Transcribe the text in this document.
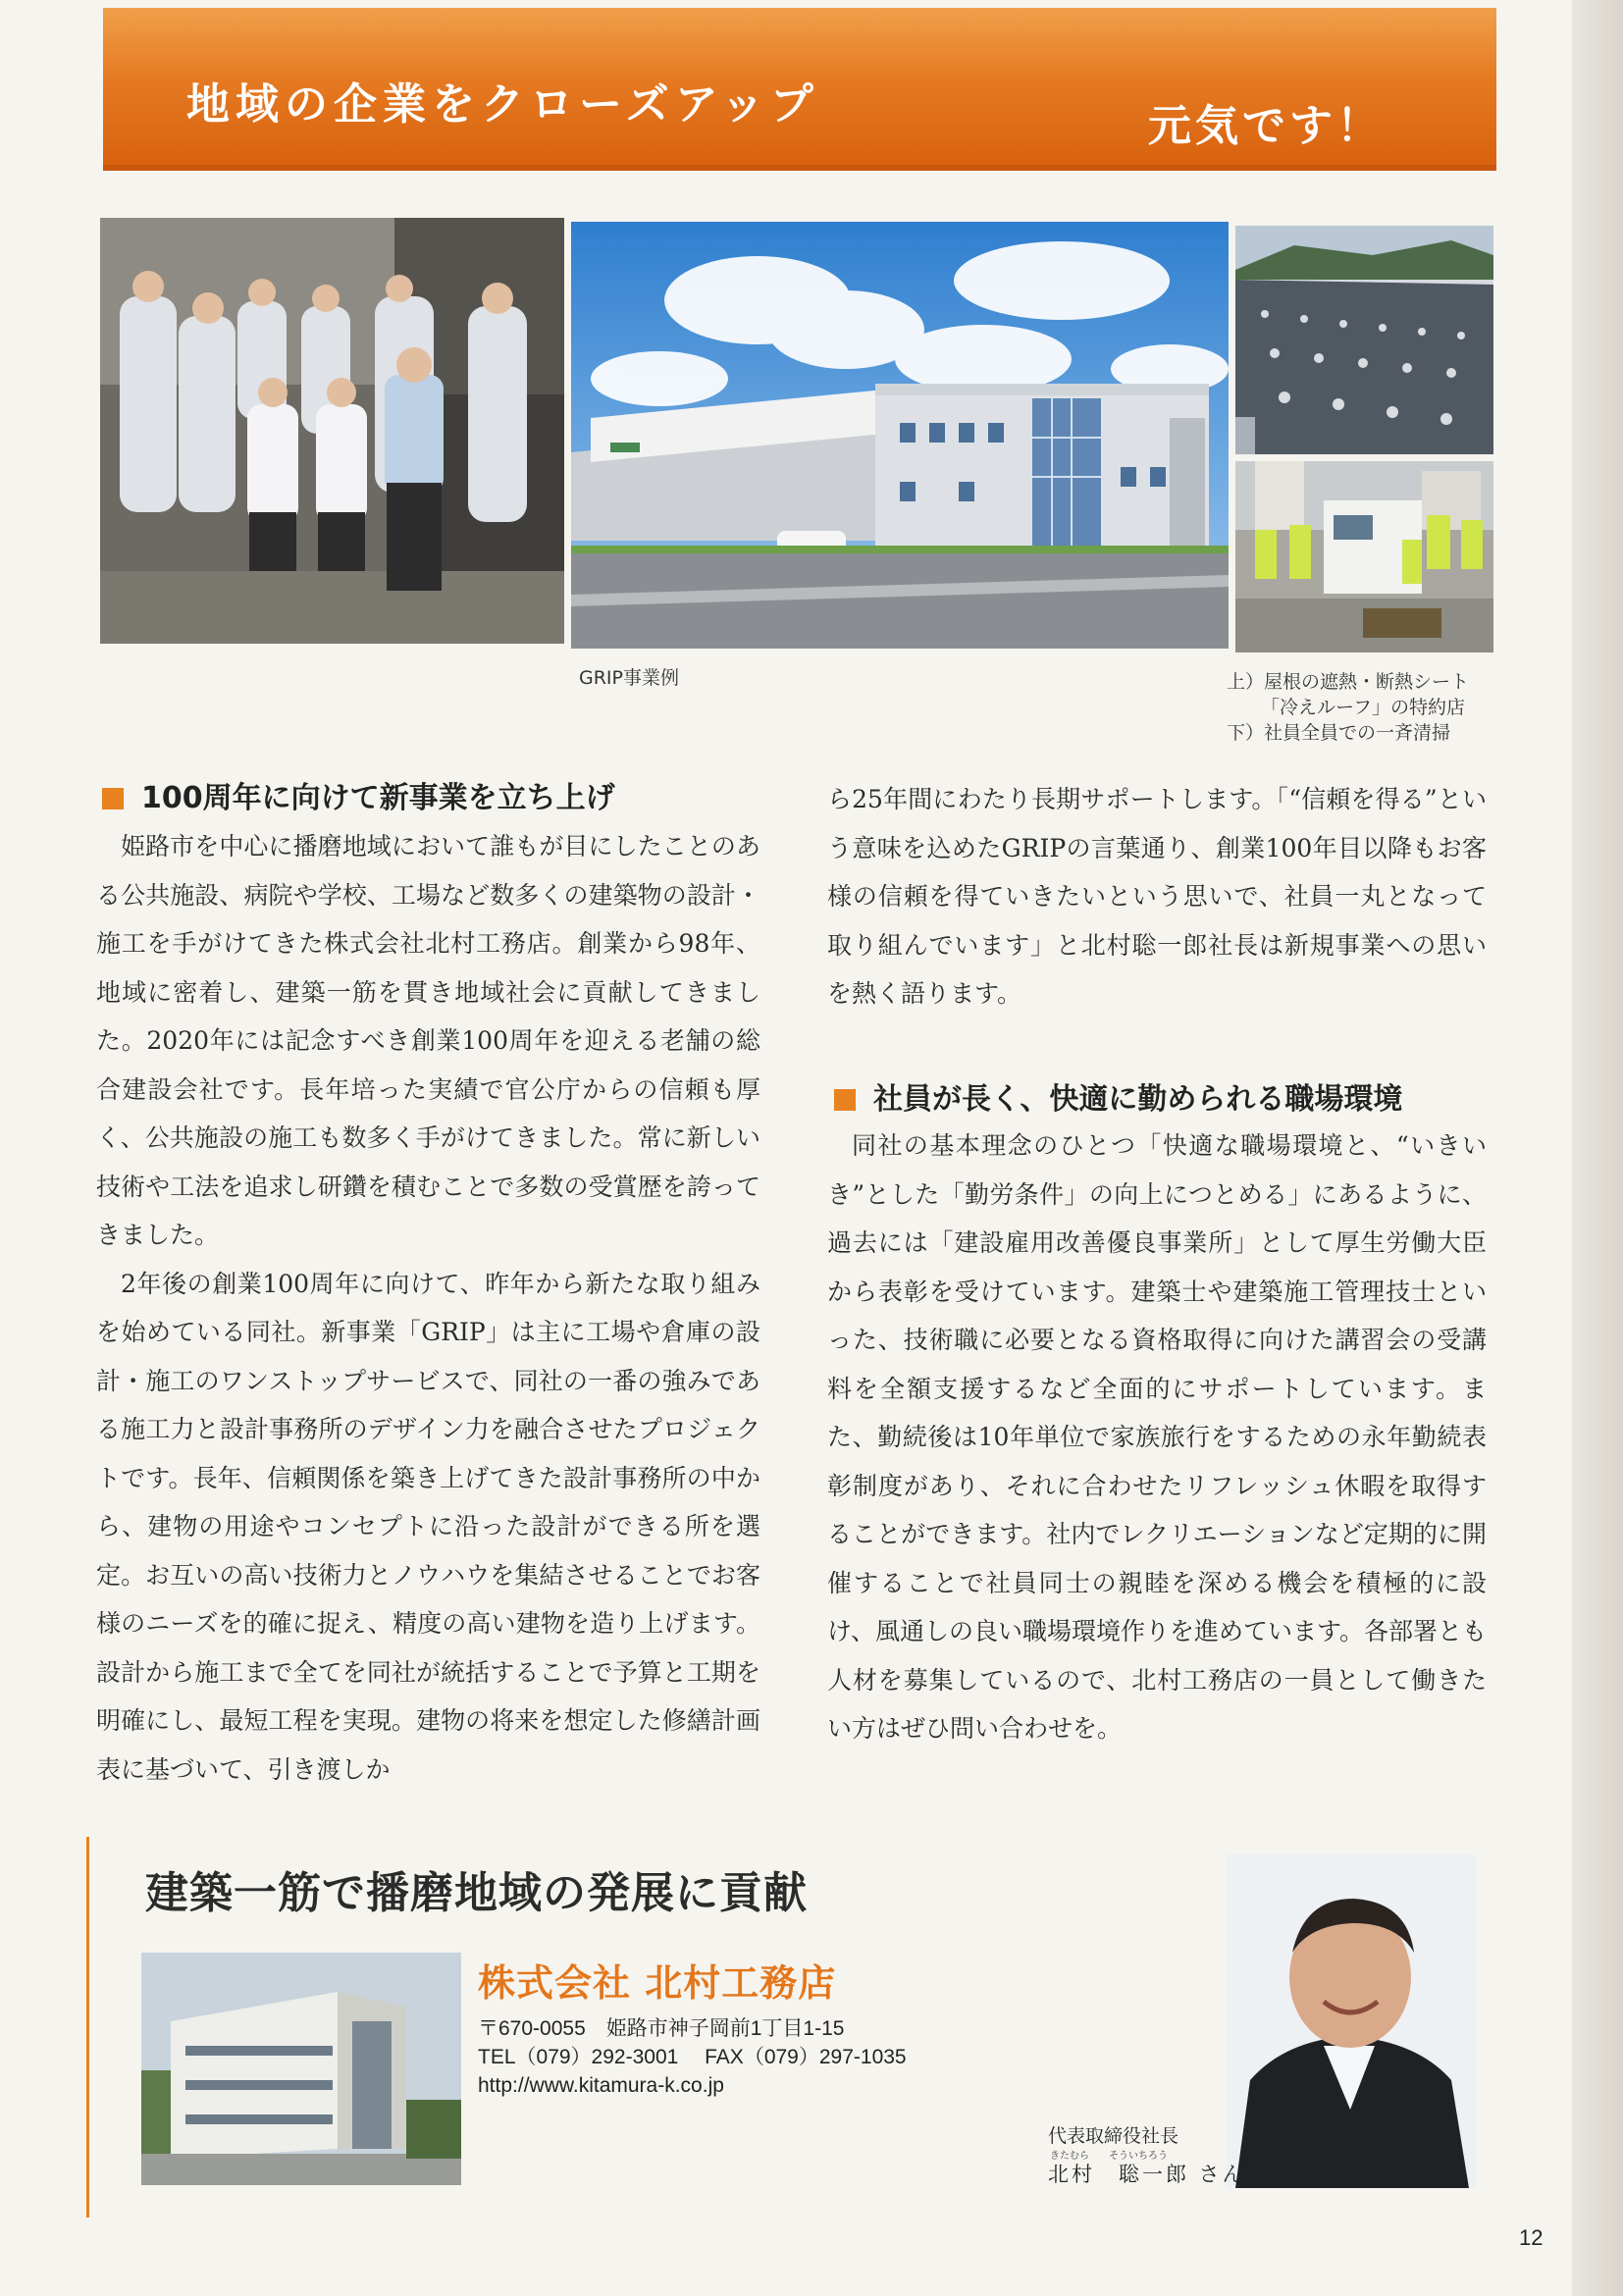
地域の企業をクローズアップ	元気です！
GRIP事業例	上）屋根の遮熱・断熱シート
「冷えルーフ」の特約店
下）社員全員での一斉清掃
100周年に向けて新事業を立ち上げ

姫路市を中心に播磨地域において誰もが目にしたことのある公共施設、病院や学校、工場など数多くの建築物の設計・施工を手がけてきた株式会社北村工務店。創業から98年、地域に密着し、建築一筋を貫き地域社会に貢献してきました。2020年には記念すべき創業100周年を迎える老舗の総合建設会社です。長年培った実績で官公庁からの信頼も厚く、公共施設の施工も数多く手がけてきました。常に新しい技術や工法を追求し研鑽を積むことで多数の受賞歴を誇ってきました。

2年後の創業100周年に向けて、昨年から新たな取り組みを始めている同社。新事業「GRIP」は主に工場や倉庫の設計・施工のワンストップサービスで、同社の一番の強みである施工力と設計事務所のデザイン力を融合させたプロジェクトです。長年、信頼関係を築き上げてきた設計事務所の中から、建物の用途やコンセプトに沿った設計ができる所を選定。お互いの高い技術力とノウハウを集結させることでお客様のニーズを的確に捉え、精度の高い建物を造り上げます。設計から施工まで全てを同社が統括することで予算と工期を明確にし、最短工程を実現。建物の将来を想定した修繕計画表に基づいて、引き渡しか

ら25年間にわたり長期サポートします。「“信頼を得る”という意味を込めたGRIPの言葉通り、創業100年目以降もお客様の信頼を得ていきたいという思いで、社員一丸となって取り組んでいます」と北村聡一郎社長は新規事業への思いを熱く語ります。

社員が長く、快適に勤められる職場環境

同社の基本理念のひとつ「快適な職場環境と、“いきいき”とした「勤労条件」の向上につとめる」にあるように、過去には「建設雇用改善優良事業所」として厚生労働大臣から表彰を受けています。建築士や建築施工管理技士といった、技術職に必要となる資格取得に向けた講習会の受講料を全額支援するなど全面的にサポートしています。また、勤続後は10年単位で家族旅行をするための永年勤続表彰制度があり、それに合わせたリフレッシュ休暇を取得することができます。社内でレクリエーションなど定期的に開催することで社員同士の親睦を深める機会を積極的に設け、風通しの良い職場環境作りを進めています。各部署とも人材を募集しているので、北村工務店の一員として働きたい方はぜひ問い合わせを。

建築一筋で播磨地域の発展に貢献
株式会社 北村工務店
〒670-0055　姫路市神子岡前1丁目1-15
TEL（079）292-3001　 FAX（079）297-1035
http://www.kitamura-k.co.jp
代表取締役社長
きたむら　　そういちろう
北村　聡一郎 さん
12
